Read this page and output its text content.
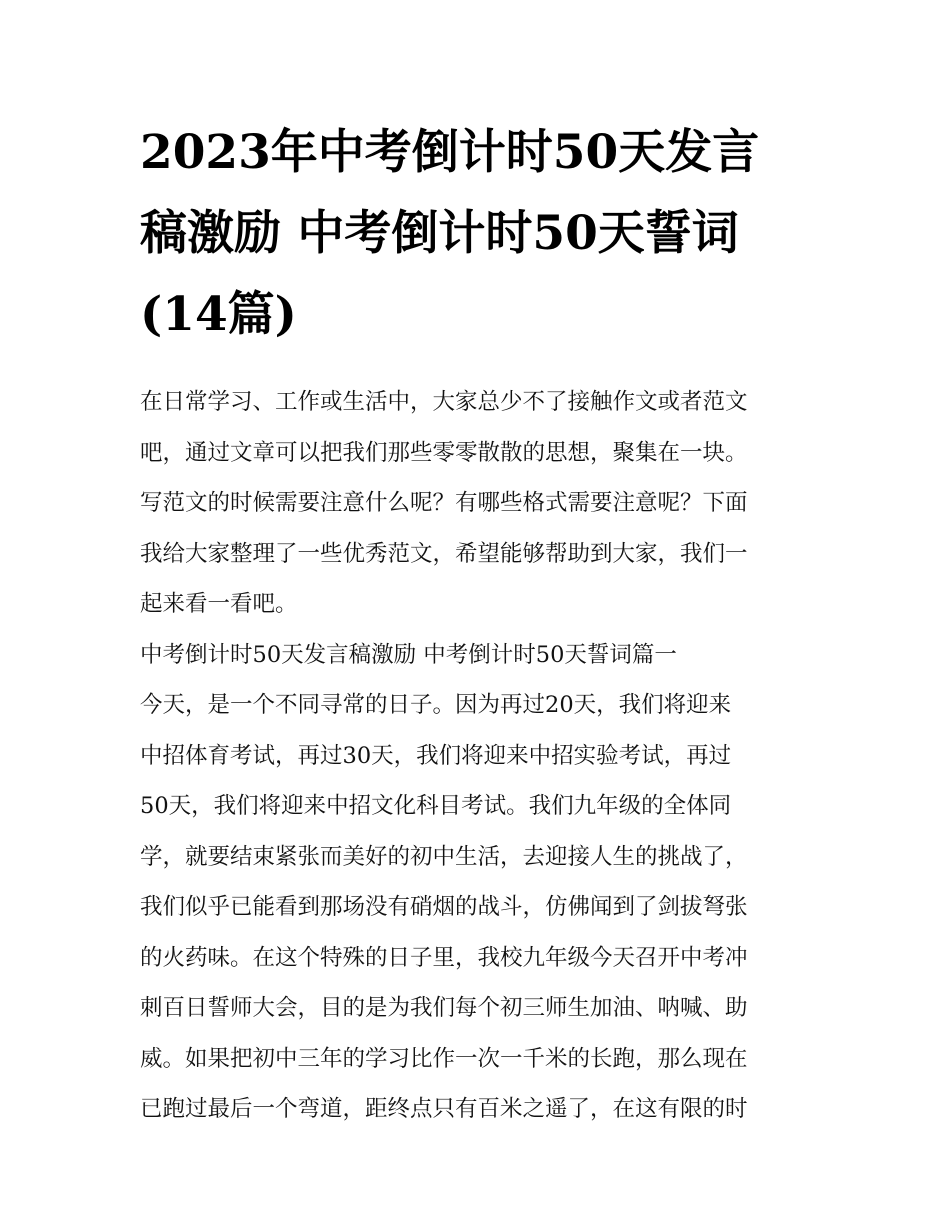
2023年中考倒计时50天发言
稿激励 中考倒计时50天誓词
(14篇)

在日常学习、工作或生活中，大家总少不了接触作文或者范文
吧，通过文章可以把我们那些零零散散的思想，聚集在一块。
写范文的时候需要注意什么呢？有哪些格式需要注意呢？下面
我给大家整理了一些优秀范文，希望能够帮助到大家，我们一
起来看一看吧。

中考倒计时50天发言稿激励 中考倒计时50天誓词篇一

今天，是一个不同寻常的日子。因为再过20天，我们将迎来
中招体育考试，再过30天，我们将迎来中招实验考试，再过
50天，我们将迎来中招文化科目考试。我们九年级的全体同
学，就要结束紧张而美好的初中生活，去迎接人生的挑战了，
我们似乎已能看到那场没有硝烟的战斗，仿佛闻到了剑拔弩张
的火药味。在这个特殊的日子里，我校九年级今天召开中考冲
刺百日誓师大会，目的是为我们每个初三师生加油、呐喊、助
威。如果把初中三年的学习比作一次一千米的长跑，那么现在
已跑过最后一个弯道，距终点只有百米之遥了，在这有限的时
